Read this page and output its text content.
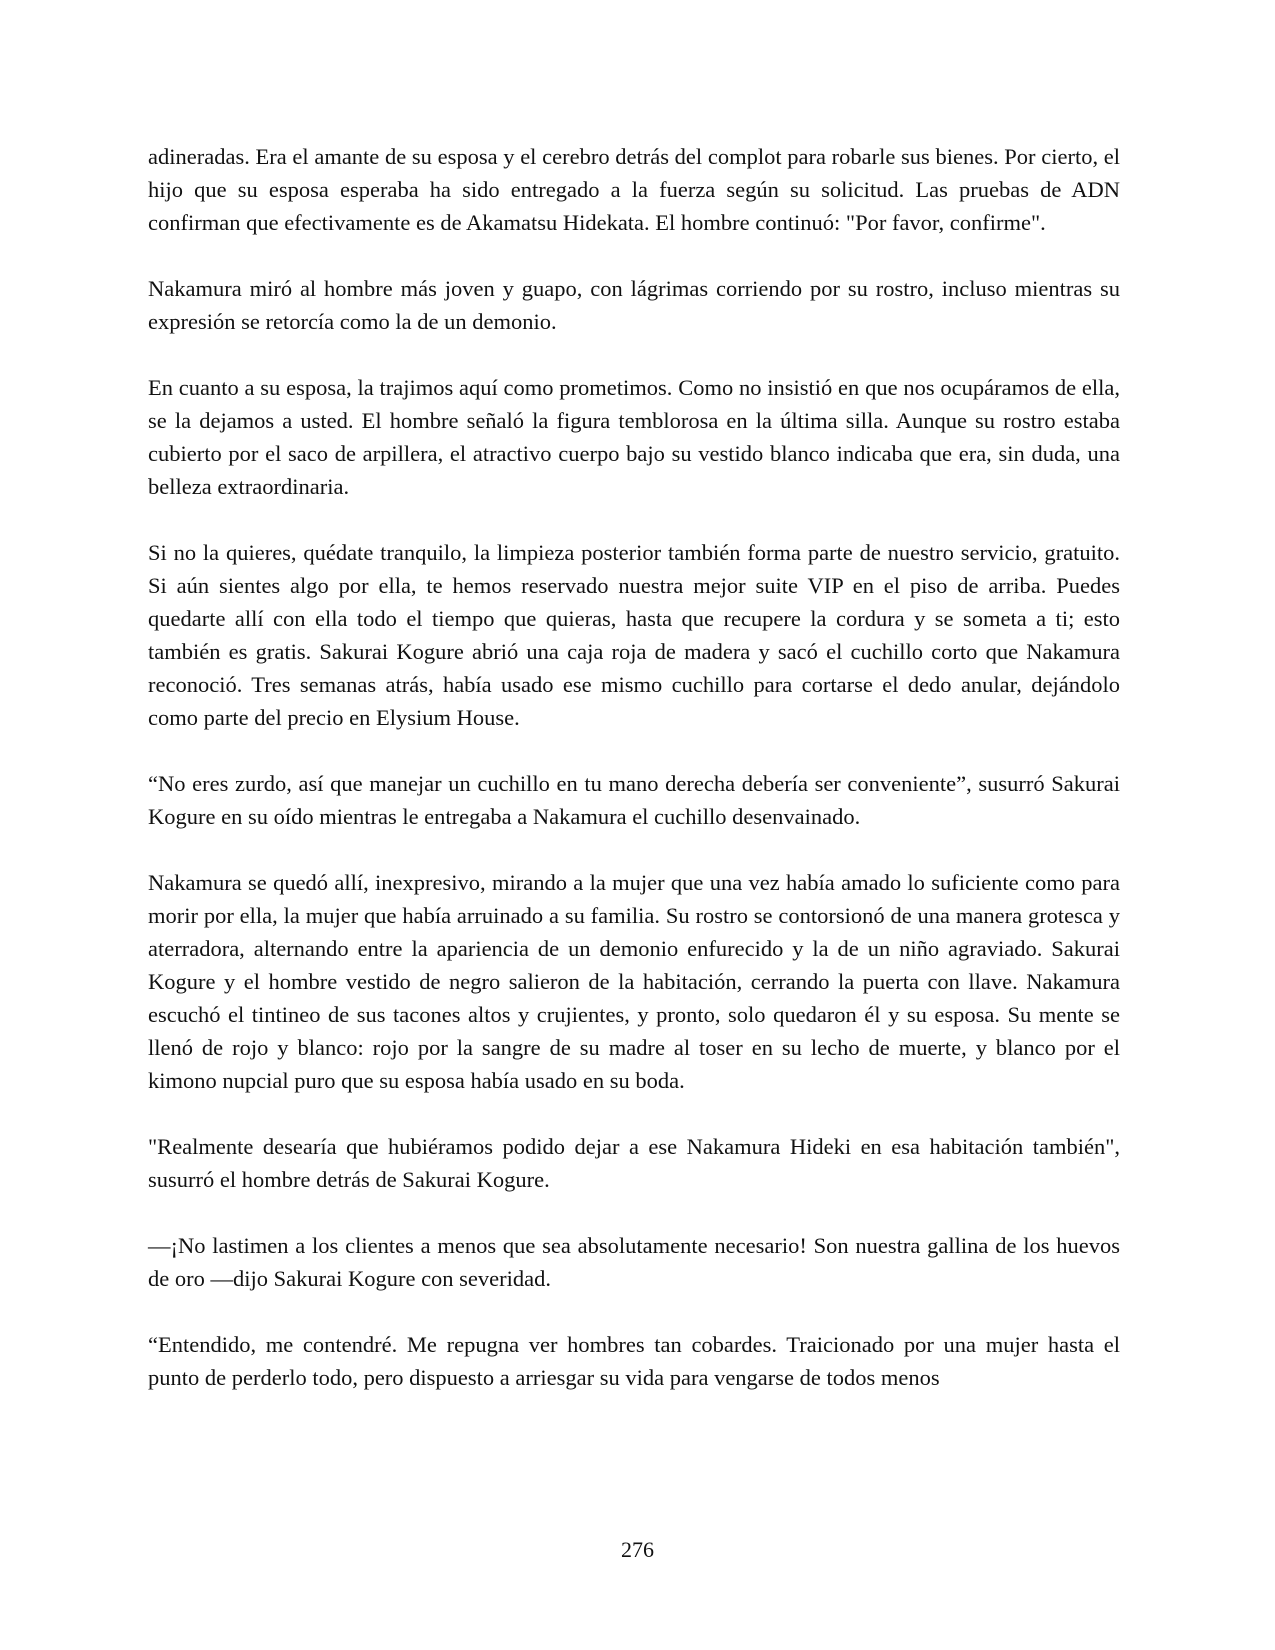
adineradas. Era el amante de su esposa y el cerebro detrás del complot para robarle sus bienes. Por cierto, el hijo que su esposa esperaba ha sido entregado a la fuerza según su solicitud. Las pruebas de ADN confirman que efectivamente es de Akamatsu Hidekata. El hombre continuó: "Por favor, confirme".

Nakamura miró al hombre más joven y guapo, con lágrimas corriendo por su rostro, incluso mientras su expresión se retorcía como la de un demonio.

En cuanto a su esposa, la trajimos aquí como prometimos. Como no insistió en que nos ocupáramos de ella, se la dejamos a usted. El hombre señaló la figura temblorosa en la última silla. Aunque su rostro estaba cubierto por el saco de arpillera, el atractivo cuerpo bajo su vestido blanco indicaba que era, sin duda, una belleza extraordinaria.

Si no la quieres, quédate tranquilo, la limpieza posterior también forma parte de nuestro servicio, gratuito. Si aún sientes algo por ella, te hemos reservado nuestra mejor suite VIP en el piso de arriba. Puedes quedarte allí con ella todo el tiempo que quieras, hasta que recupere la cordura y se someta a ti; esto también es gratis. Sakurai Kogure abrió una caja roja de madera y sacó el cuchillo corto que Nakamura reconoció. Tres semanas atrás, había usado ese mismo cuchillo para cortarse el dedo anular, dejándolo como parte del precio en Elysium House.

“No eres zurdo, así que manejar un cuchillo en tu mano derecha debería ser conveniente”, susurró Sakurai Kogure en su oído mientras le entregaba a Nakamura el cuchillo desenvainado.

Nakamura se quedó allí, inexpresivo, mirando a la mujer que una vez había amado lo suficiente como para morir por ella, la mujer que había arruinado a su familia. Su rostro se contorsionó de una manera grotesca y aterradora, alternando entre la apariencia de un demonio enfurecido y la de un niño agraviado. Sakurai Kogure y el hombre vestido de negro salieron de la habitación, cerrando la puerta con llave. Nakamura escuchó el tintineo de sus tacones altos y crujientes, y pronto, solo quedaron él y su esposa. Su mente se llenó de rojo y blanco: rojo por la sangre de su madre al toser en su lecho de muerte, y blanco por el kimono nupcial puro que su esposa había usado en su boda.

"Realmente desearía que hubiéramos podido dejar a ese Nakamura Hideki en esa habitación también", susurró el hombre detrás de Sakurai Kogure.

—¡No lastimen a los clientes a menos que sea absolutamente necesario! Son nuestra gallina de los huevos de oro —dijo Sakurai Kogure con severidad.

“Entendido, me contendré. Me repugna ver hombres tan cobardes. Traicionado por una mujer hasta el punto de perderlo todo, pero dispuesto a arriesgar su vida para vengarse de todos menos

276
